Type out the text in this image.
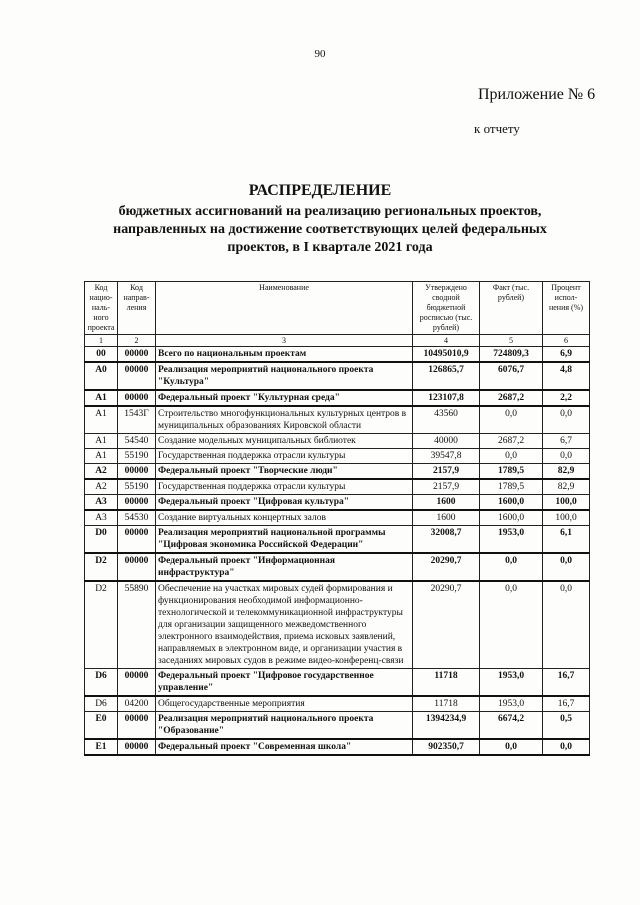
90
Приложение № 6
к отчету
РАСПРЕДЕЛЕНИЕ
бюджетных ассигнований на реализацию региональных проектов, направленных на достижение соответствующих целей федеральных проектов, в I квартале 2021 года
Код нацио-наль-ного проекта	Код направ-ления	Наименование	Утверждено сводной бюджетной росписью (тыс. рублей)	Факт (тыс. рублей)	Процент испол-нения (%)
1	2	3	4	5	6
00	00000	Всего по национальным проектам	10495010,9	724809,3	6,9
А0	00000	Реализация мероприятий национального проекта "Культура"	126865,7	6076,7	4,8
А1	00000	Федеральный проект "Культурная среда"	123107,8	2687,2	2,2
А1	1543Г	Строительство многофункциональных культурных центров в муниципальных образованиях Кировской области	43560	0,0	0,0
А1	54540	Создание модельных муниципальных библиотек	40000	2687,2	6,7
А1	55190	Государственная поддержка отрасли культуры	39547,8	0,0	0,0
А2	00000	Федеральный проект "Творческие люди"	2157,9	1789,5	82,9
А2	55190	Государственная поддержка отрасли культуры	2157,9	1789,5	82,9
А3	00000	Федеральный проект "Цифровая культура"	1600	1600,0	100,0
А3	54530	Создание виртуальных концертных залов	1600	1600,0	100,0
D0	00000	Реализация мероприятий национальной программы "Цифровая экономика Российской Федерации"	32008,7	1953,0	6,1
D2	00000	Федеральный проект "Информационная инфраструктура"	20290,7	0,0	0,0
D2	55890	Обеспечение на участках мировых судей формирования и функционирования необходимой информационно-технологической и телекоммуникационной инфраструктуры для организации защищенного межведомственного электронного взаимодействия, приема исковых заявлений, направляемых в электронном виде, и организации участия в заседаниях мировых судов в режиме видео-конференц-связи	20290,7	0,0	0,0
D6	00000	Федеральный проект "Цифровое государственное управление"	11718	1953,0	16,7
D6	04200	Общегосударственные мероприятия	11718	1953,0	16,7
Е0	00000	Реализация мероприятий национального проекта "Образование"	1394234,9	6674,2	0,5
Е1	00000	Федеральный проект "Современная школа"	902350,7	0,0	0,0
